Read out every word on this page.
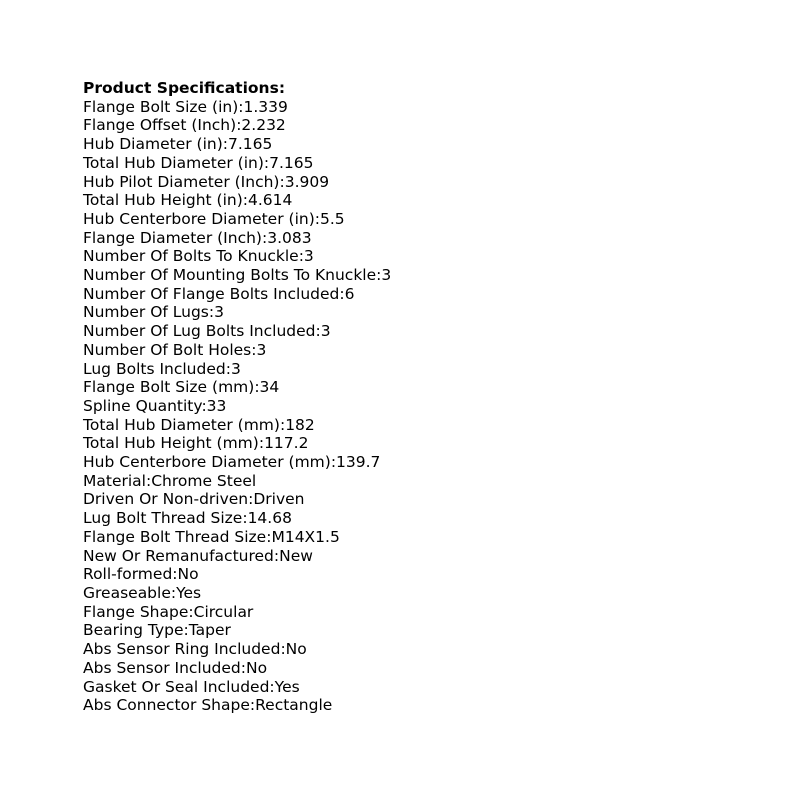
Product Specifications:
Flange Bolt Size (in):1.339
Flange Offset (Inch):2.232
Hub Diameter (in):7.165
Total Hub Diameter (in):7.165
Hub Pilot Diameter (Inch):3.909
Total Hub Height (in):4.614
Hub Centerbore Diameter (in):5.5
Flange Diameter (Inch):3.083
Number Of Bolts To Knuckle:3
Number Of Mounting Bolts To Knuckle:3
Number Of Flange Bolts Included:6
Number Of Lugs:3
Number Of Lug Bolts Included:3
Number Of Bolt Holes:3
Lug Bolts Included:3
Flange Bolt Size (mm):34
Spline Quantity:33
Total Hub Diameter (mm):182
Total Hub Height (mm):117.2
Hub Centerbore Diameter (mm):139.7
Material:Chrome Steel
Driven Or Non-driven:Driven
Lug Bolt Thread Size:14.68
Flange Bolt Thread Size:M14X1.5
New Or Remanufactured:New
Roll-formed:No
Greaseable:Yes
Flange Shape:Circular
Bearing Type:Taper
Abs Sensor Ring Included:No
Abs Sensor Included:No
Gasket Or Seal Included:Yes
Abs Connector Shape:Rectangle
